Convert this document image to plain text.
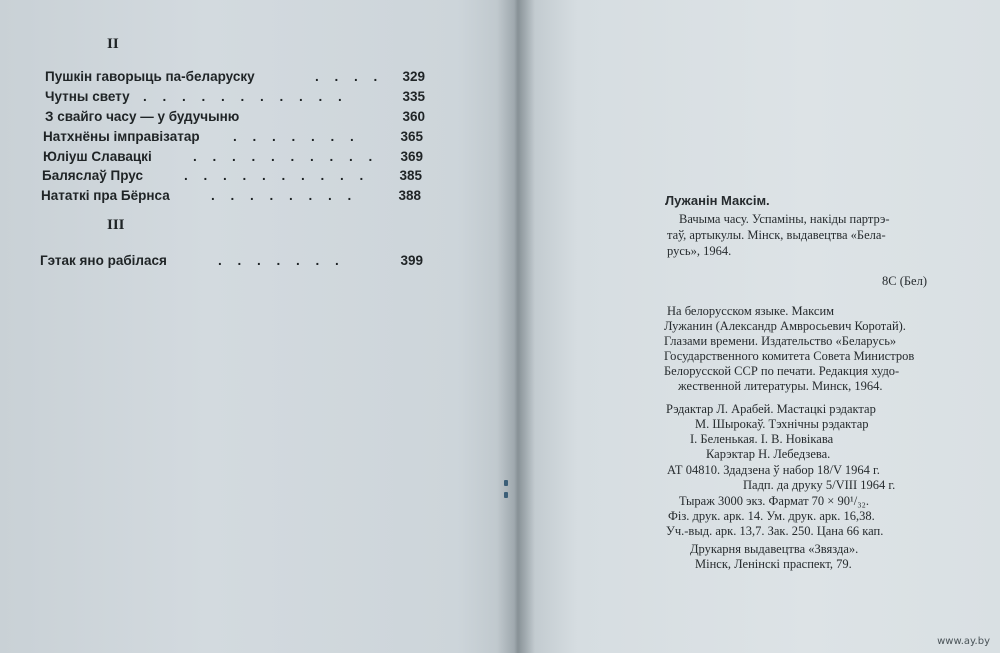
II
III
Пушкін гаворыць па-беларуску	. . . . 329
Чутны свету . . . . . . . . . . .	335
З свайго часу — у будучыню	360
Натхнёны імправізатар . . . . . . .	365
Юліуш Славацкі	. . . . . . . . . . 369
Баляслаў Прус	. . . . . . . . . . 385
Нататкі пра Бёрнса	. . . . . . . .	388
Гэтак яно рабілася	. . . . . . .	399
Лужанін Максім.
Вачыма часу. Успаміны, накіды партрэ-
таў, артыкулы. Мінск, выдавецтва «Бела-
русь», 1964.
8С (Бел)
На белорусском языке. Максим
Лужанин (Александр Амвросьевич Коротай).
Глазами времени. Издательство «Беларусь»
Государственного комитета Совета Министров
Белорусской ССР по печати. Редакция худо-
жественной литературы. Минск, 1964.
Рэдактар Л. Арабей. Мастацкі рэдактар
М. Шырокаў. Тэхнічны рэдактар
І. Беленькая. І. В. Новікава
Карэктар Н. Лебедзева.
АТ 04810. Здадзена ў набор 18/V 1964 г.
Падп. да друку 5/VIII 1964 г.
Тыраж 3000 экз. Фармат 70 × 90¹/₃₂.
Фіз. друк. арк. 14. Ум. друк. арк. 16,38.
Уч.-выд. арк. 13,7. Зак. 250. Цана 66 кап.
Друкарня выдавецтва «Звязда».
Мінск, Ленінскі праспект, 79.
www.ay.by
